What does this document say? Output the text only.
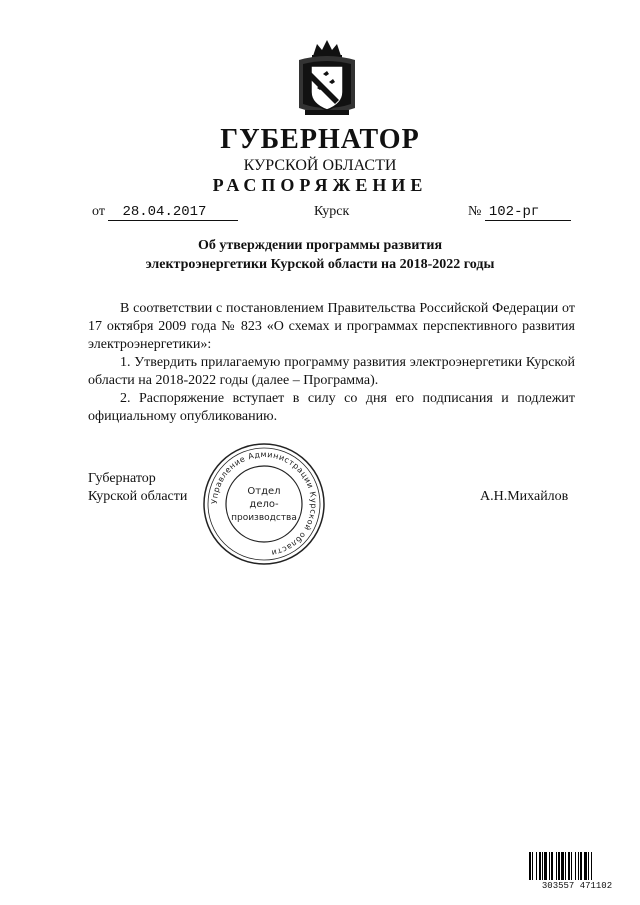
ГУБЕРНАТОР
КУРСКОЙ ОБЛАСТИ
РАСПОРЯЖЕНИЕ
от 28.04.2017	Курск	№ 102-рг
Об утверждении программы развития
электроэнергетики Курской области на 2018-2022 годы

В соответствии с постановлением Правительства Российской Федерации от 17 октября 2009 года № 823 «О схемах и программах перспективного развития электроэнергетики»:

1. Утвердить прилагаемую программу развития электроэнергетики Курской области на 2018-2022 годы (далее – Программа).

2. Распоряжение вступает в силу со дня его подписания и подлежит официальному опубликованию.

Губернатор
Курской области	А.Н.Михайлов
Управление Администрации Курской области
Отдел
дело-
производства
303557 471102
